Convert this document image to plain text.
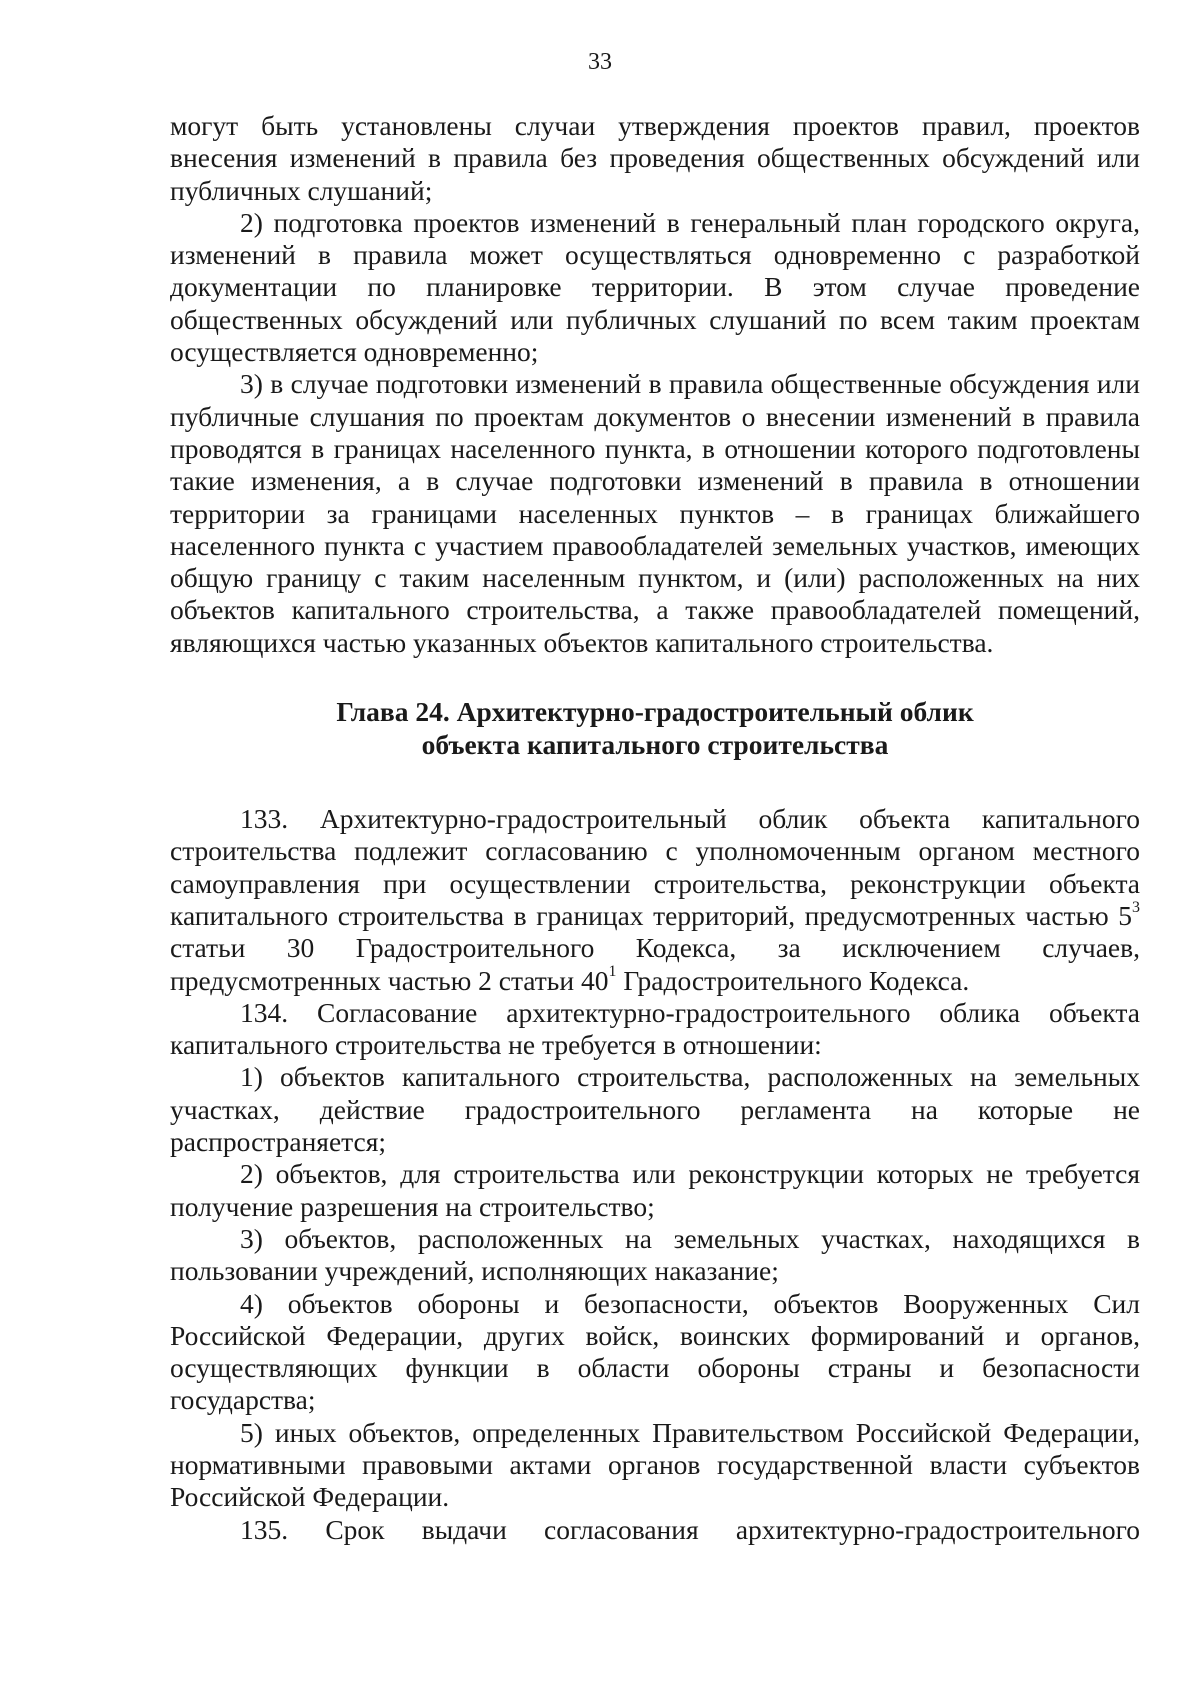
33

могут быть установлены случаи утверждения проектов правил, проектов внесения изменений в правила без проведения общественных обсуждений или публичных слушаний;

2) подготовка проектов изменений в генеральный план городского округа, изменений в правила может осуществляться одновременно с разработкой документации по планировке территории. В этом случае проведение общественных обсуждений или публичных слушаний по всем таким проектам осуществляется одновременно;

3) в случае подготовки изменений в правила общественные обсуждения или публичные слушания по проектам документов о внесении изменений в правила проводятся в границах населенного пункта, в отношении которого подготовлены такие изменения, а в случае подготовки изменений в правила в отношении территории за границами населенных пунктов – в границах ближайшего населенного пункта с участием правообладателей земельных участков, имеющих общую границу с таким населенным пунктом, и (или) расположенных на них объектов капитального строительства, а также правообладателей помещений, являющихся частью указанных объектов капитального строительства.

Глава 24. Архитектурно-градостроительный облик
объекта капитального строительства

133. Архитектурно-градостроительный облик объекта капитального строительства подлежит согласованию с уполномоченным органом местного самоуправления при осуществлении строительства, реконструкции объекта капитального строительства в границах территорий, предусмотренных частью $5^3$ статьи 30 Градостроительного Кодекса, за исключением случаев, предусмотренных частью 2 статьи $40^1$ Градостроительного Кодекса.

134. Согласование архитектурно-градостроительного облика объекта капитального строительства не требуется в отношении:

1) объектов капитального строительства, расположенных на земельных участках, действие градостроительного регламента на которые не распространяется;

2) объектов, для строительства или реконструкции которых не требуется получение разрешения на строительство;

3) объектов, расположенных на земельных участках, находящихся в пользовании учреждений, исполняющих наказание;

4) объектов обороны и безопасности, объектов Вооруженных Сил Российской Федерации, других войск, воинских формирований и органов, осуществляющих функции в области обороны страны и безопасности государства;

5) иных объектов, определенных Правительством Российской Федерации, нормативными правовыми актами органов государственной власти субъектов Российской Федерации.

135. Срок выдачи согласования архитектурно-градостроительного
